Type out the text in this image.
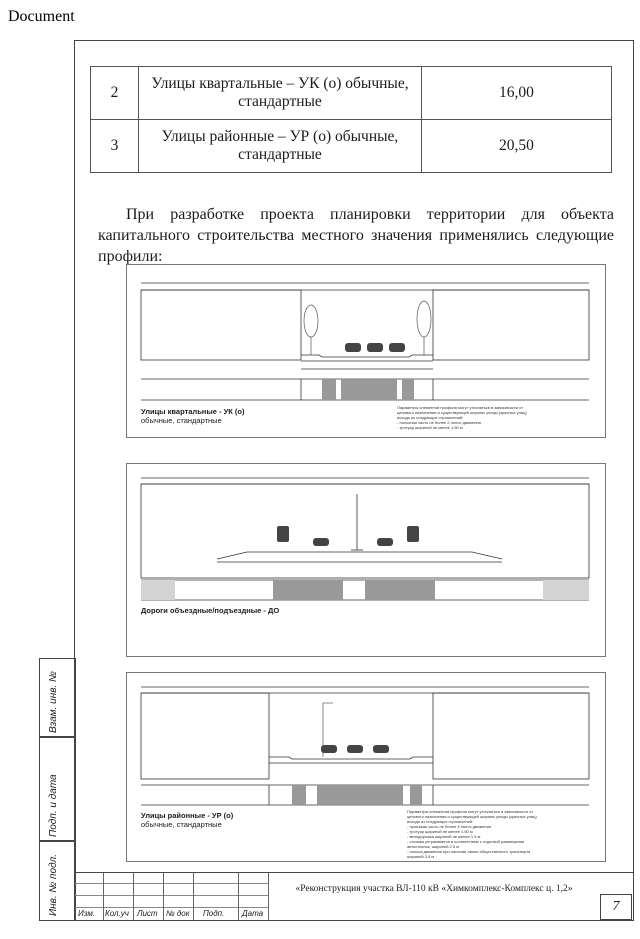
Document
2	Улицы квартальные – УК (о) обычные, стандартные	16,00
3	Улицы районные – УР (о) обычные, стандартные	20,50

При разработке проекта планировки территории для объекта капитального строительства местного значения применялись следующие профили:

Улицы квартальные - УК (о)
обычные, стандартные
Параметры элементов профиля могут уточняться в зависимости от
ценового назначения и существующей ширины улицы (красных улиц)
исходя из следующих ограничений:
- полосная часть не более 2 полос движения
- тротуар шириной не менее 1.50 м
Дороги объездные/подъездные - ДО
Улицы районные - УР (о)
обычные, стандартные
Параметры элементов профиля могут уточняться в зависимости от
ценового назначения и существующей ширины улицы (красных улиц)
исходя из следующих ограничений:
- проезжая часть не более 4 полос движения
- тротуар шириной не менее 1.50 м
- велодорожка шириной не менее 1.5 м
- стоянка устраивается в соответствии с отделкой размещения
автостоянок, шириной 2.5 м
- полоса движения при наличии линии общественного транспорта
шириной 3.5 м
Взам. инв. №
Подп. и дата
Инв. № подл. Изм. Кол.уч Лист № док Подп. Дата
«Реконструкция участка ВЛ-110 кВ «Химкомплекс-Комплекс ц. 1,2»
7
